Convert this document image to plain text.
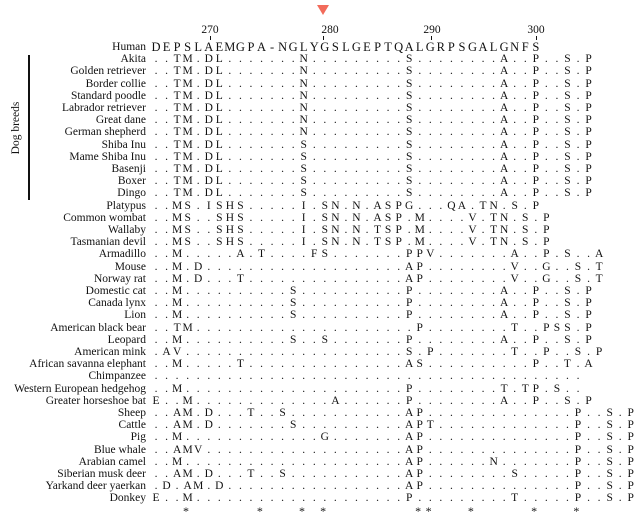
270	280	290	300
Dog breeds
Human D E P S L A E M G P A - N G L Y G S L G E P T Q A L G R P S G A L G N F S
Akita . . T M . D L . . . . . . . N . . . . . . . . . S . . . . . . . . A . . P . . S . P
Golden retriever . . T M . D L . . . . . . . N . . . . . . . . . S . . . . . . . . A . . P . . S . P
Border collie . . T M . D L . . . . . . . N . . . . . . . . . S . . . . . . . . A . . P . . S . P
Standard poodle . . T M . D L . . . . . . . N . . . . . . . . . S . . . . . . . . A . . P . . S . P
Labrador retriever . . T M . D L . . . . . . . N . . . . . . . . . S . . . . . . . . A . . P . . S . P
Great dane . . T M . D L . . . . . . . N . . . . . . . . . S . . . . . . . . A . . P . . S . P
German shepherd . . T M . D L . . . . . . . N . . . . . . . . . S . . . . . . . . A . . P . . S . P
Shiba Inu . . T M . D L . . . . . . . S . . . . . . . . . S . . . . . . . . A . . P . . S . P
Mame Shiba Inu . . T M . D L . . . . . . . S . . . . . . . . . S . . . . . . . . A . . P . . S . P
Basenji . . T M . D L . . . . . . . S . . . . . . . . . S . . . . . . . . A . . P . . S . P
Boxer . . T M . D L . . . . . . . S . . . . . . . . . S . . . . . . . . A . . P . . S . P
Dingo . . T M . D L . . . . . . . S . . . . . . . . . S . . . . . . . . A . . P . . S . P
Platypus . . M S . I S H S . . . . . I . S N . N . A S P G . . . Q A . T N . S . P
Common wombat . . M S . . S H S . . . . . I . S N . N . A S P . M . . . . V . T N . S . P
Wallaby . . M S . . S H S . . . . . I . S N . N . T S P . M . . . . V . T N . S . P
Tasmanian devil . . M S . . S H S . . . . . I . S N . N . T S P . M . . . . V . T N . S . P
Armadillo . . M . . . . . A . T . . . . F S . . . . . . . P P V . . . . . . . A . . P . S . . A
Mouse . . M . D . . . . . . . . . . . . . . . . . . . A P . . . . . . . . V . . G . . S . T
Norway rat . . M . D . . . T . . . . . . . . . . . . . . . A P . . . . . . . . V . . G . . S . T
Domestic cat . . M . . . . . . . . . . S . . . . . . . . . . P . . . . . . . . A . . P . . S . P
Canada lynx . . M . . . . . . . . . . S . . . . . . . . . . P . . . . . . . . A . . P . . S . P
Lion . . M . . . . . . . . . . S . . . . . . . . . . P . . . . . . . . A . . P . . S . P
American black bear . . T M . . . . . . . . . . . . . . . . . . . . . P . . . . . . . . T . . P S S . P
Leopard . . M . . . . . . . . . . S . . S . . . . . . . P . . . . . . . . A . . P . . S . P
American mink . A V . . . . . . . . . . . . . . . . . . . . . S . P . . . . . . . T . . P . . S . P
African savanna elephant . . M . . . . . T . . . . . . . . . . . . . . . A S . . . . . . . . . . P . . T . A
Chimpanzee . . . . . . . . . . . . . . . . . . . . . . . . . . . . . . . . . . . . . . . . .
Western European hedgehog . . M . . . . . . . . . . . . . . . . . . . . . P . . . . . . . . T . T P . S . .
Greater horseshoe bat E . . M . . . . . . . . . . . . . A . . . . . . P . . . . . . . . A . . P . . S . P
Sheep . . A M . D . . . T . . S . . . . . . . . . . . A P . . . . . . . . . . . . . . P . . S . P
Cattle . . A M . D . . . . . . . S . . . . . . . . . . A P T . . . . . . . . . . . . . P . . S . P
Pig . . M . . . . . . . . . . . . . G . . . . . . . A P . . . . . . . . . . . . . . P . . S . P
Blue whale . . A M V . . . . . . . . . . . . . . . . . . . A P . . . . . . . . . . . . . . P . . S . P
Arabian camel . . M . . . . . . . . . . . . . . . . . . . . . A P . . . . . . N . . . . . . . P . . S . P
Siberian musk deer . . A M . D . . . T . . S . . . . . . . . . . . A P . . . . . . . . S . . . . . P . . S . P
Yarkand deer yaerkan . D . A M . D . . . . . . . . . . . . . . . . . A P . . . . . . . . . . . . . . P . . S . P
Donkey E . . M . . . . . . . . . . . . . . . . . . . . P . . . . . . . . . T . . . . . P . . S . P
*	*	* *	* *	*	*	*
